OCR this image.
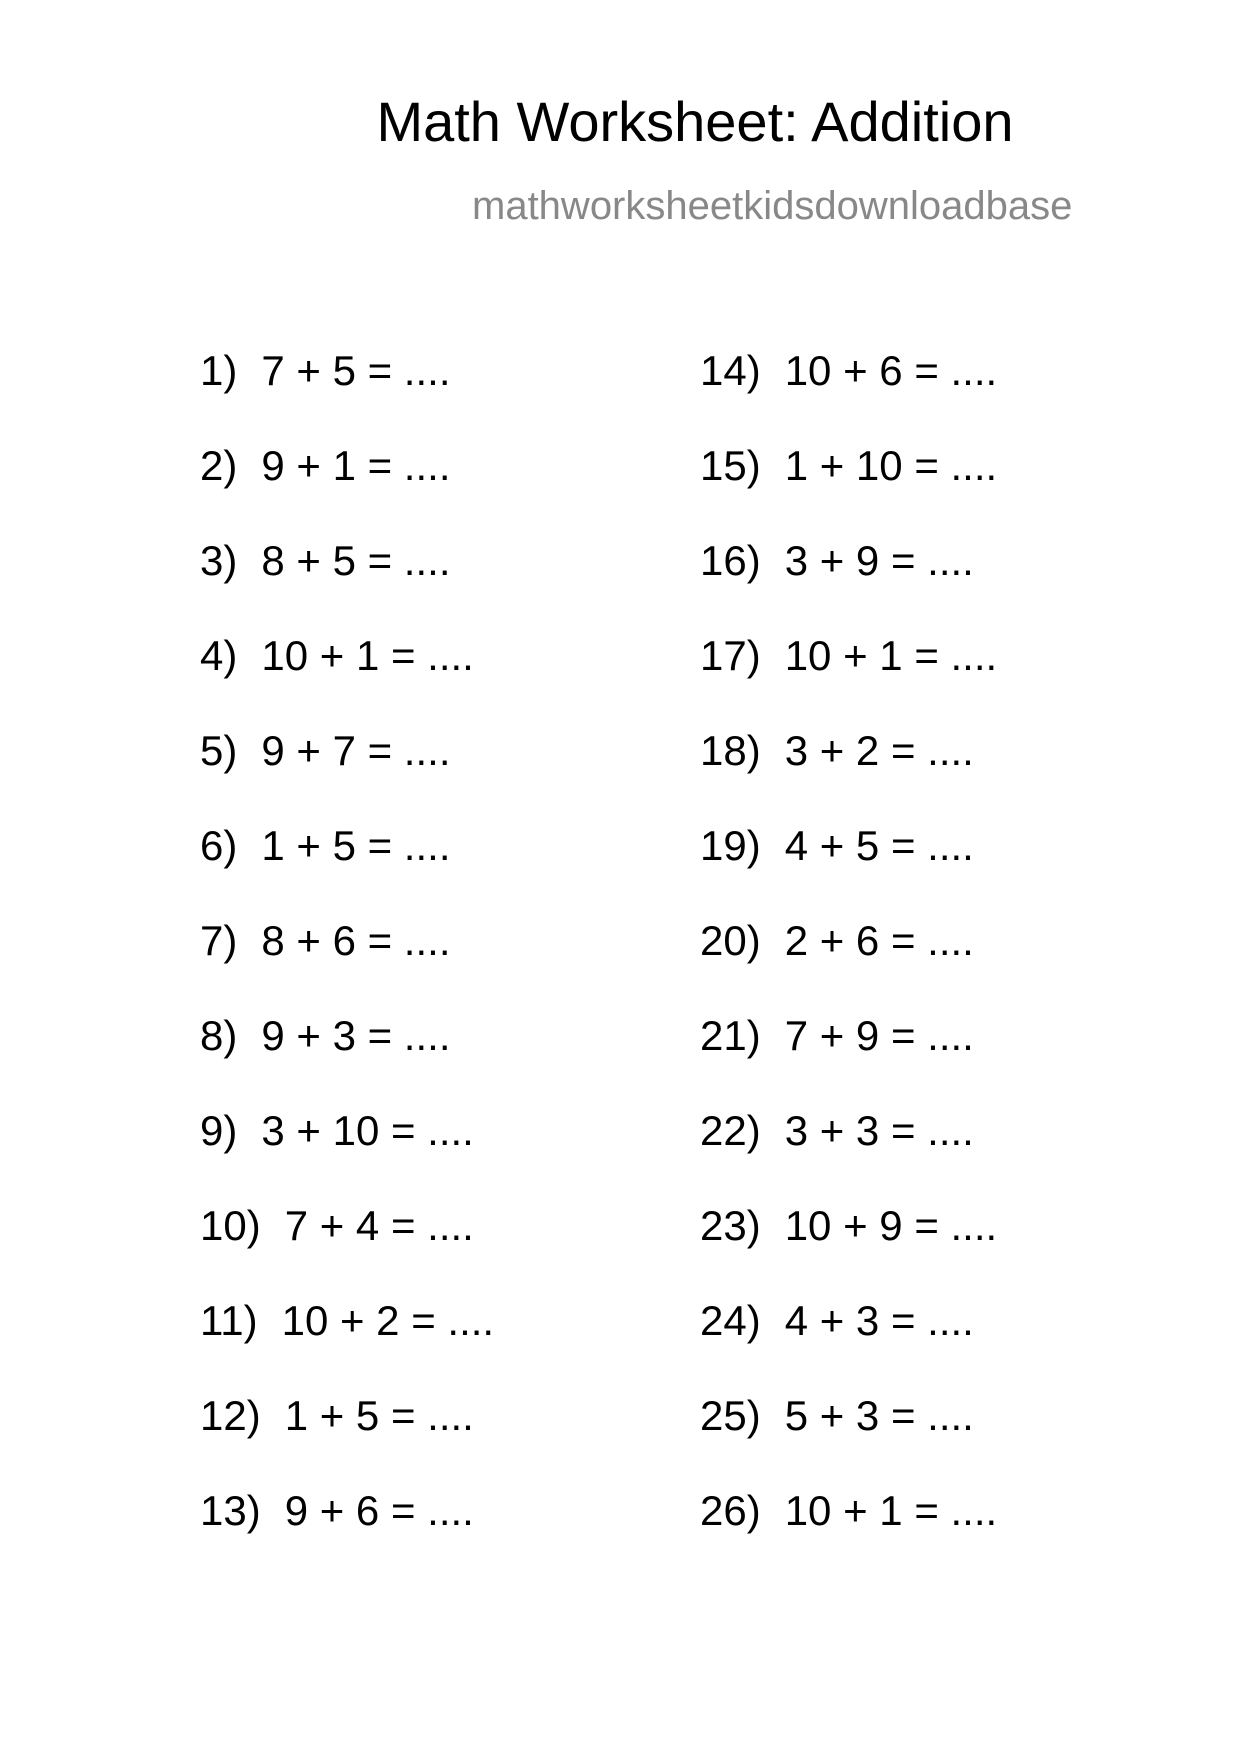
Math Worksheet: Addition
mathworksheetkidsdownloadbase
1) 7 + 5 = ....
2) 9 + 1 = ....
3) 8 + 5 = ....
4) 10 + 1 = ....
5) 9 + 7 = ....
6) 1 + 5 = ....
7) 8 + 6 = ....
8) 9 + 3 = ....
9) 3 + 10 = ....
10) 7 + 4 = ....
11) 10 + 2 = ....
12) 1 + 5 = ....
13) 9 + 6 = ....
14) 10 + 6 = ....
15) 1 + 10 = ....
16) 3 + 9 = ....
17) 10 + 1 = ....
18) 3 + 2 = ....
19) 4 + 5 = ....
20) 2 + 6 = ....
21) 7 + 9 = ....
22) 3 + 3 = ....
23) 10 + 9 = ....
24) 4 + 3 = ....
25) 5 + 3 = ....
26) 10 + 1 = ....
